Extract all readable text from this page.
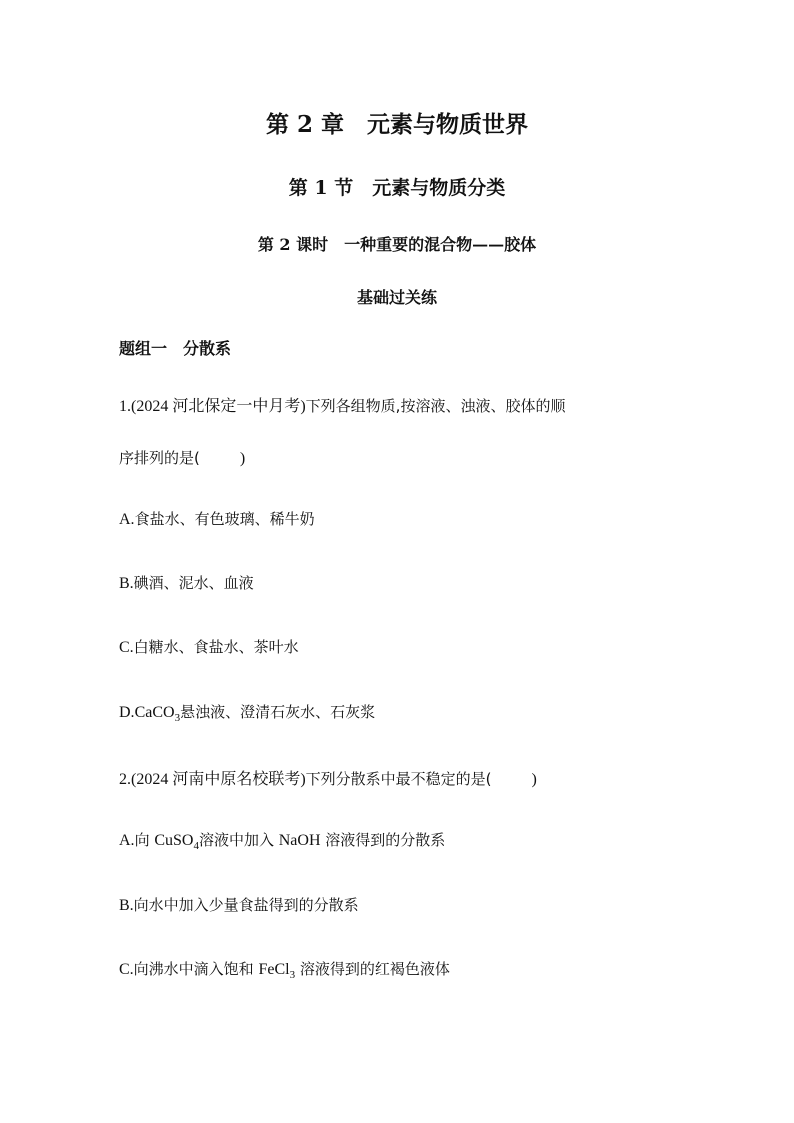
第 2 章　元素与物质世界
第 1 节　元素与物质分类
第 2 课时　一种重要的混合物——胶体
基础过关练
题组一　分散系
1.(2024 河北保定一中月考)下列各组物质,按溶液、浊液、胶体的顺
序排列的是(	)
A.食盐水、有色玻璃、稀牛奶
B.碘酒、泥水、血液
C.白糖水、食盐水、茶叶水
D.CaCO$_3$悬浊液、澄清石灰水、石灰浆
2.(2024 河南中原名校联考)下列分散系中最不稳定的是(	)
A.向 CuSO$_4$溶液中加入 NaOH 溶液得到的分散系
B.向水中加入少量食盐得到的分散系
C.向沸水中滴入饱和 FeCl$_3$ 溶液得到的红褐色液体
